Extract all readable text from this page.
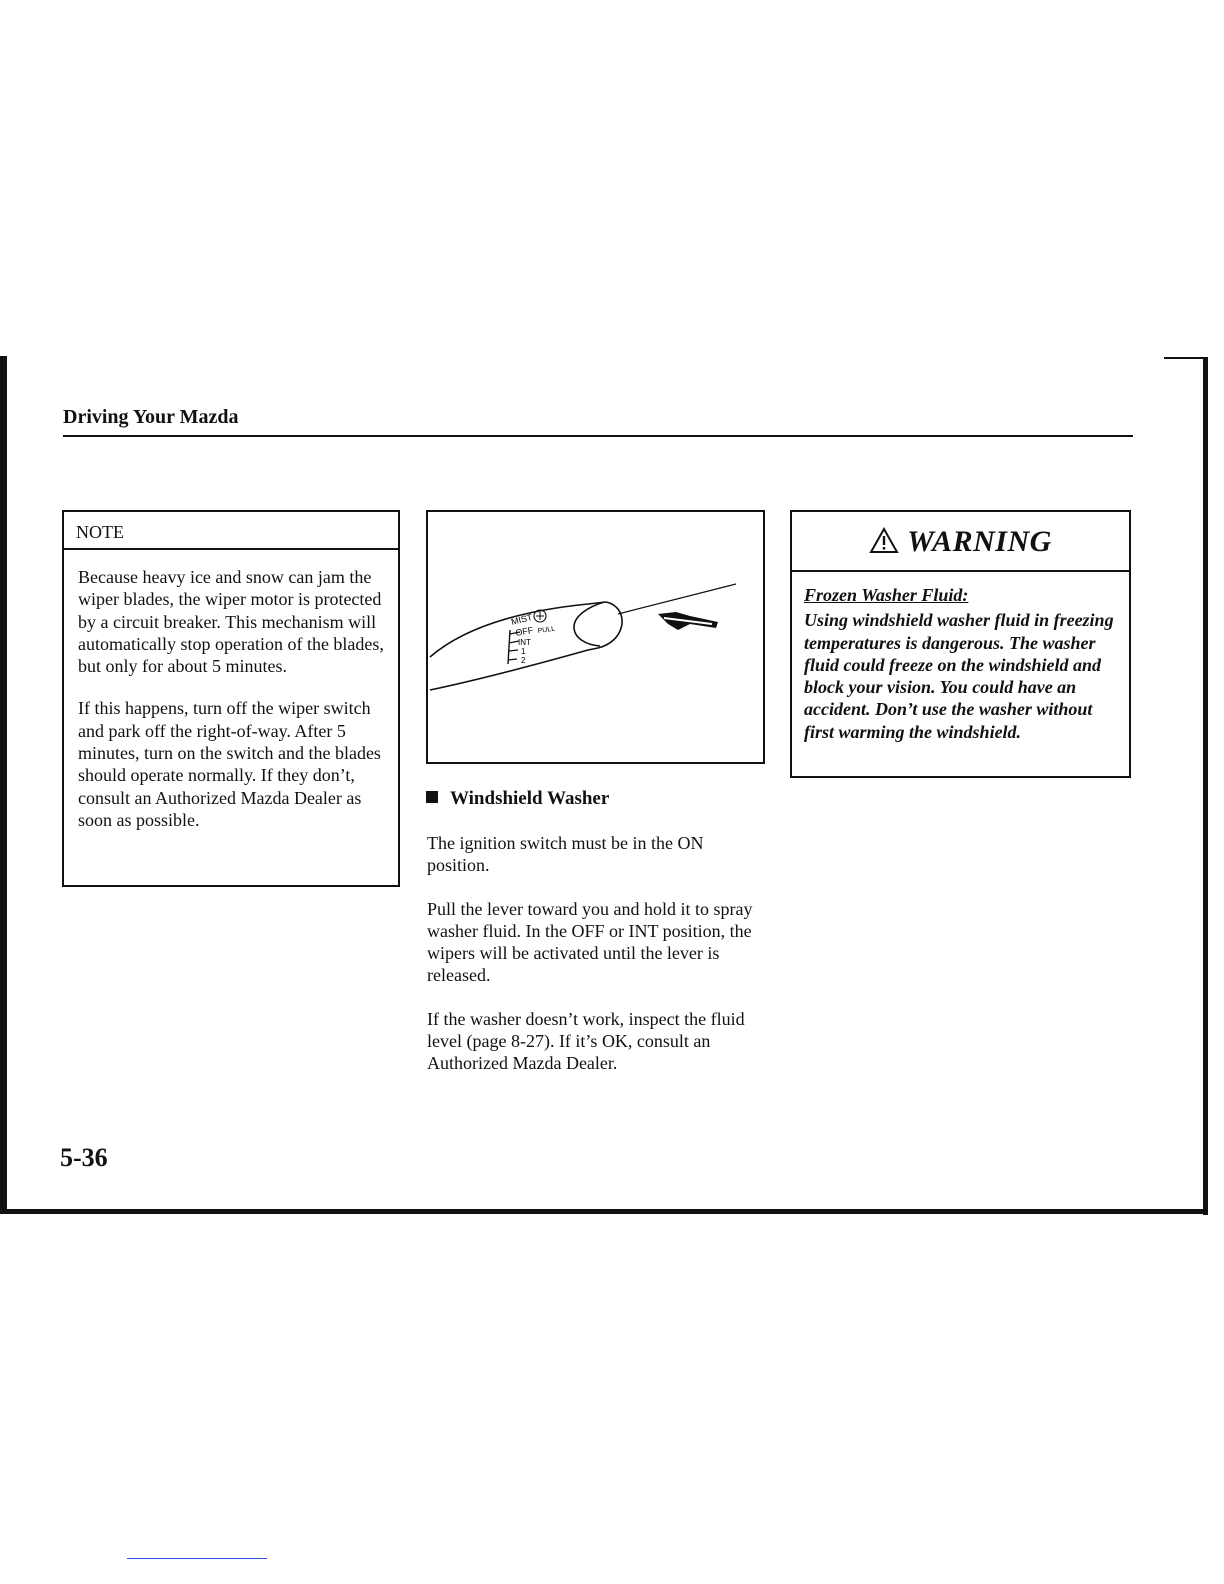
Driving Your Mazda
NOTE

Because heavy ice and snow can jam the wiper blades, the wiper motor is protected by a circuit breaker. This mechanism will automatically stop operation of the blades, but only for about 5 minutes.

If this happens, turn off the wiper switch and park off the right-of-way. After 5 minutes, turn on the switch and the blades should operate normally. If they don’t, consult an Authorized Mazda Dealer as soon as possible.

MIST
OFF
INT
1
2
PULL
Windshield Washer

The ignition switch must be in the ON position.

Pull the lever toward you and hold it to spray washer fluid. In the OFF or INT position, the wipers will be activated until the lever is released.

If the washer doesn’t work, inspect the fluid level (page 8-27). If it’s OK, consult an Authorized Mazda Dealer.

WARNING
Frozen Washer Fluid:
Using windshield washer fluid in freezing temperatures is dangerous. The washer fluid could freeze on the windshield and block your vision. You could have an accident. Don’t use the washer without first warming the windshield.
5-36
